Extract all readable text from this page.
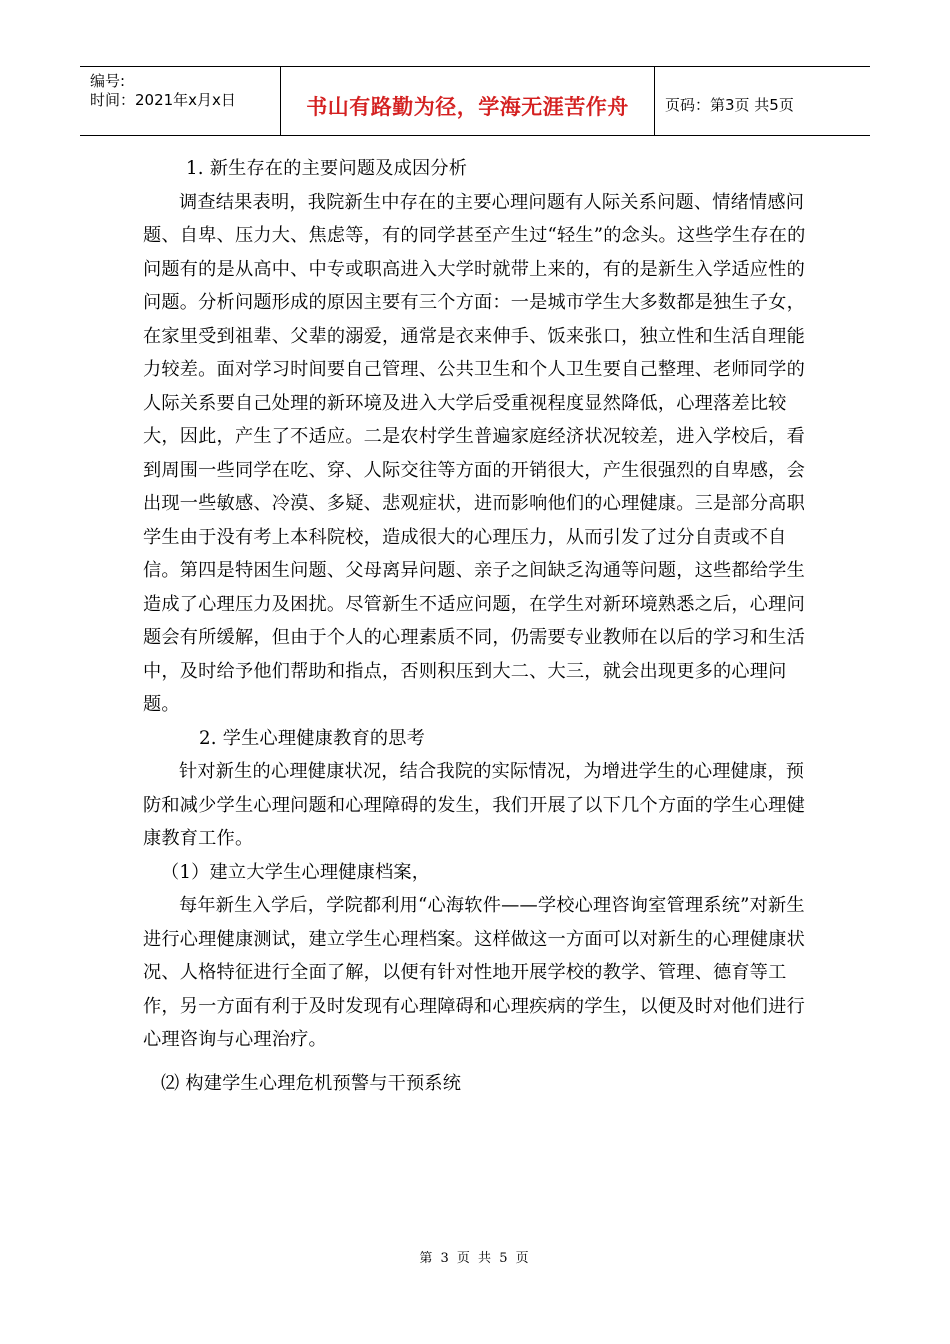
编号:
时间：2021年x月x日	书山有路勤为径，学海无涯苦作舟	页码：第3页 共5页

1. 新生存在的主要问题及成因分析

调查结果表明，我院新生中存在的主要心理问题有人际关系问题、情绪情感问题、自卑、压力大、焦虑等，有的同学甚至产生过“轻生”的念头。这些学生存在的问题有的是从高中、中专或职高进入大学时就带上来的，有的是新生入学适应性的问题。分析问题形成的原因主要有三个方面：一是城市学生大多数都是独生子女，在家里受到祖辈、父辈的溺爱，通常是衣来伸手、饭来张口，独立性和生活自理能力较差。面对学习时间要自己管理、公共卫生和个人卫生要自己整理、老师同学的人际关系要自己处理的新环境及进入大学后受重视程度显然降低，心理落差比较大，因此，产生了不适应。二是农村学生普遍家庭经济状况较差，进入学校后，看到周围一些同学在吃、穿、人际交往等方面的开销很大，产生很强烈的自卑感，会出现一些敏感、冷漠、多疑、悲观症状，进而影响他们的心理健康。三是部分高职学生由于没有考上本科院校，造成很大的心理压力，从而引发了过分自责或不自信。第四是特困生问题、父母离异问题、亲子之间缺乏沟通等问题，这些都给学生造成了心理压力及困扰。尽管新生不适应问题，在学生对新环境熟悉之后，心理问题会有所缓解，但由于个人的心理素质不同，仍需要专业教师在以后的学习和生活中，及时给予他们帮助和指点，否则积压到大二、大三，就会出现更多的心理问题。

2. 学生心理健康教育的思考

针对新生的心理健康状况，结合我院的实际情况，为增进学生的心理健康，预防和减少学生心理问题和心理障碍的发生，我们开展了以下几个方面的学生心理健康教育工作。

（1）建立大学生心理健康档案，

每年新生入学后，学院都利用“心海软件——学校心理咨询室管理系统”对新生进行心理健康测试，建立学生心理档案。这样做这一方面可以对新生的心理健康状况、人格特征进行全面了解，以便有针对性地开展学校的教学、管理、德育等工作，另一方面有利于及时发现有心理障碍和心理疾病的学生，以便及时对他们进行心理咨询与心理治疗。

⑵ 构建学生心理危机预警与干预系统

第 3 页 共 5 页
